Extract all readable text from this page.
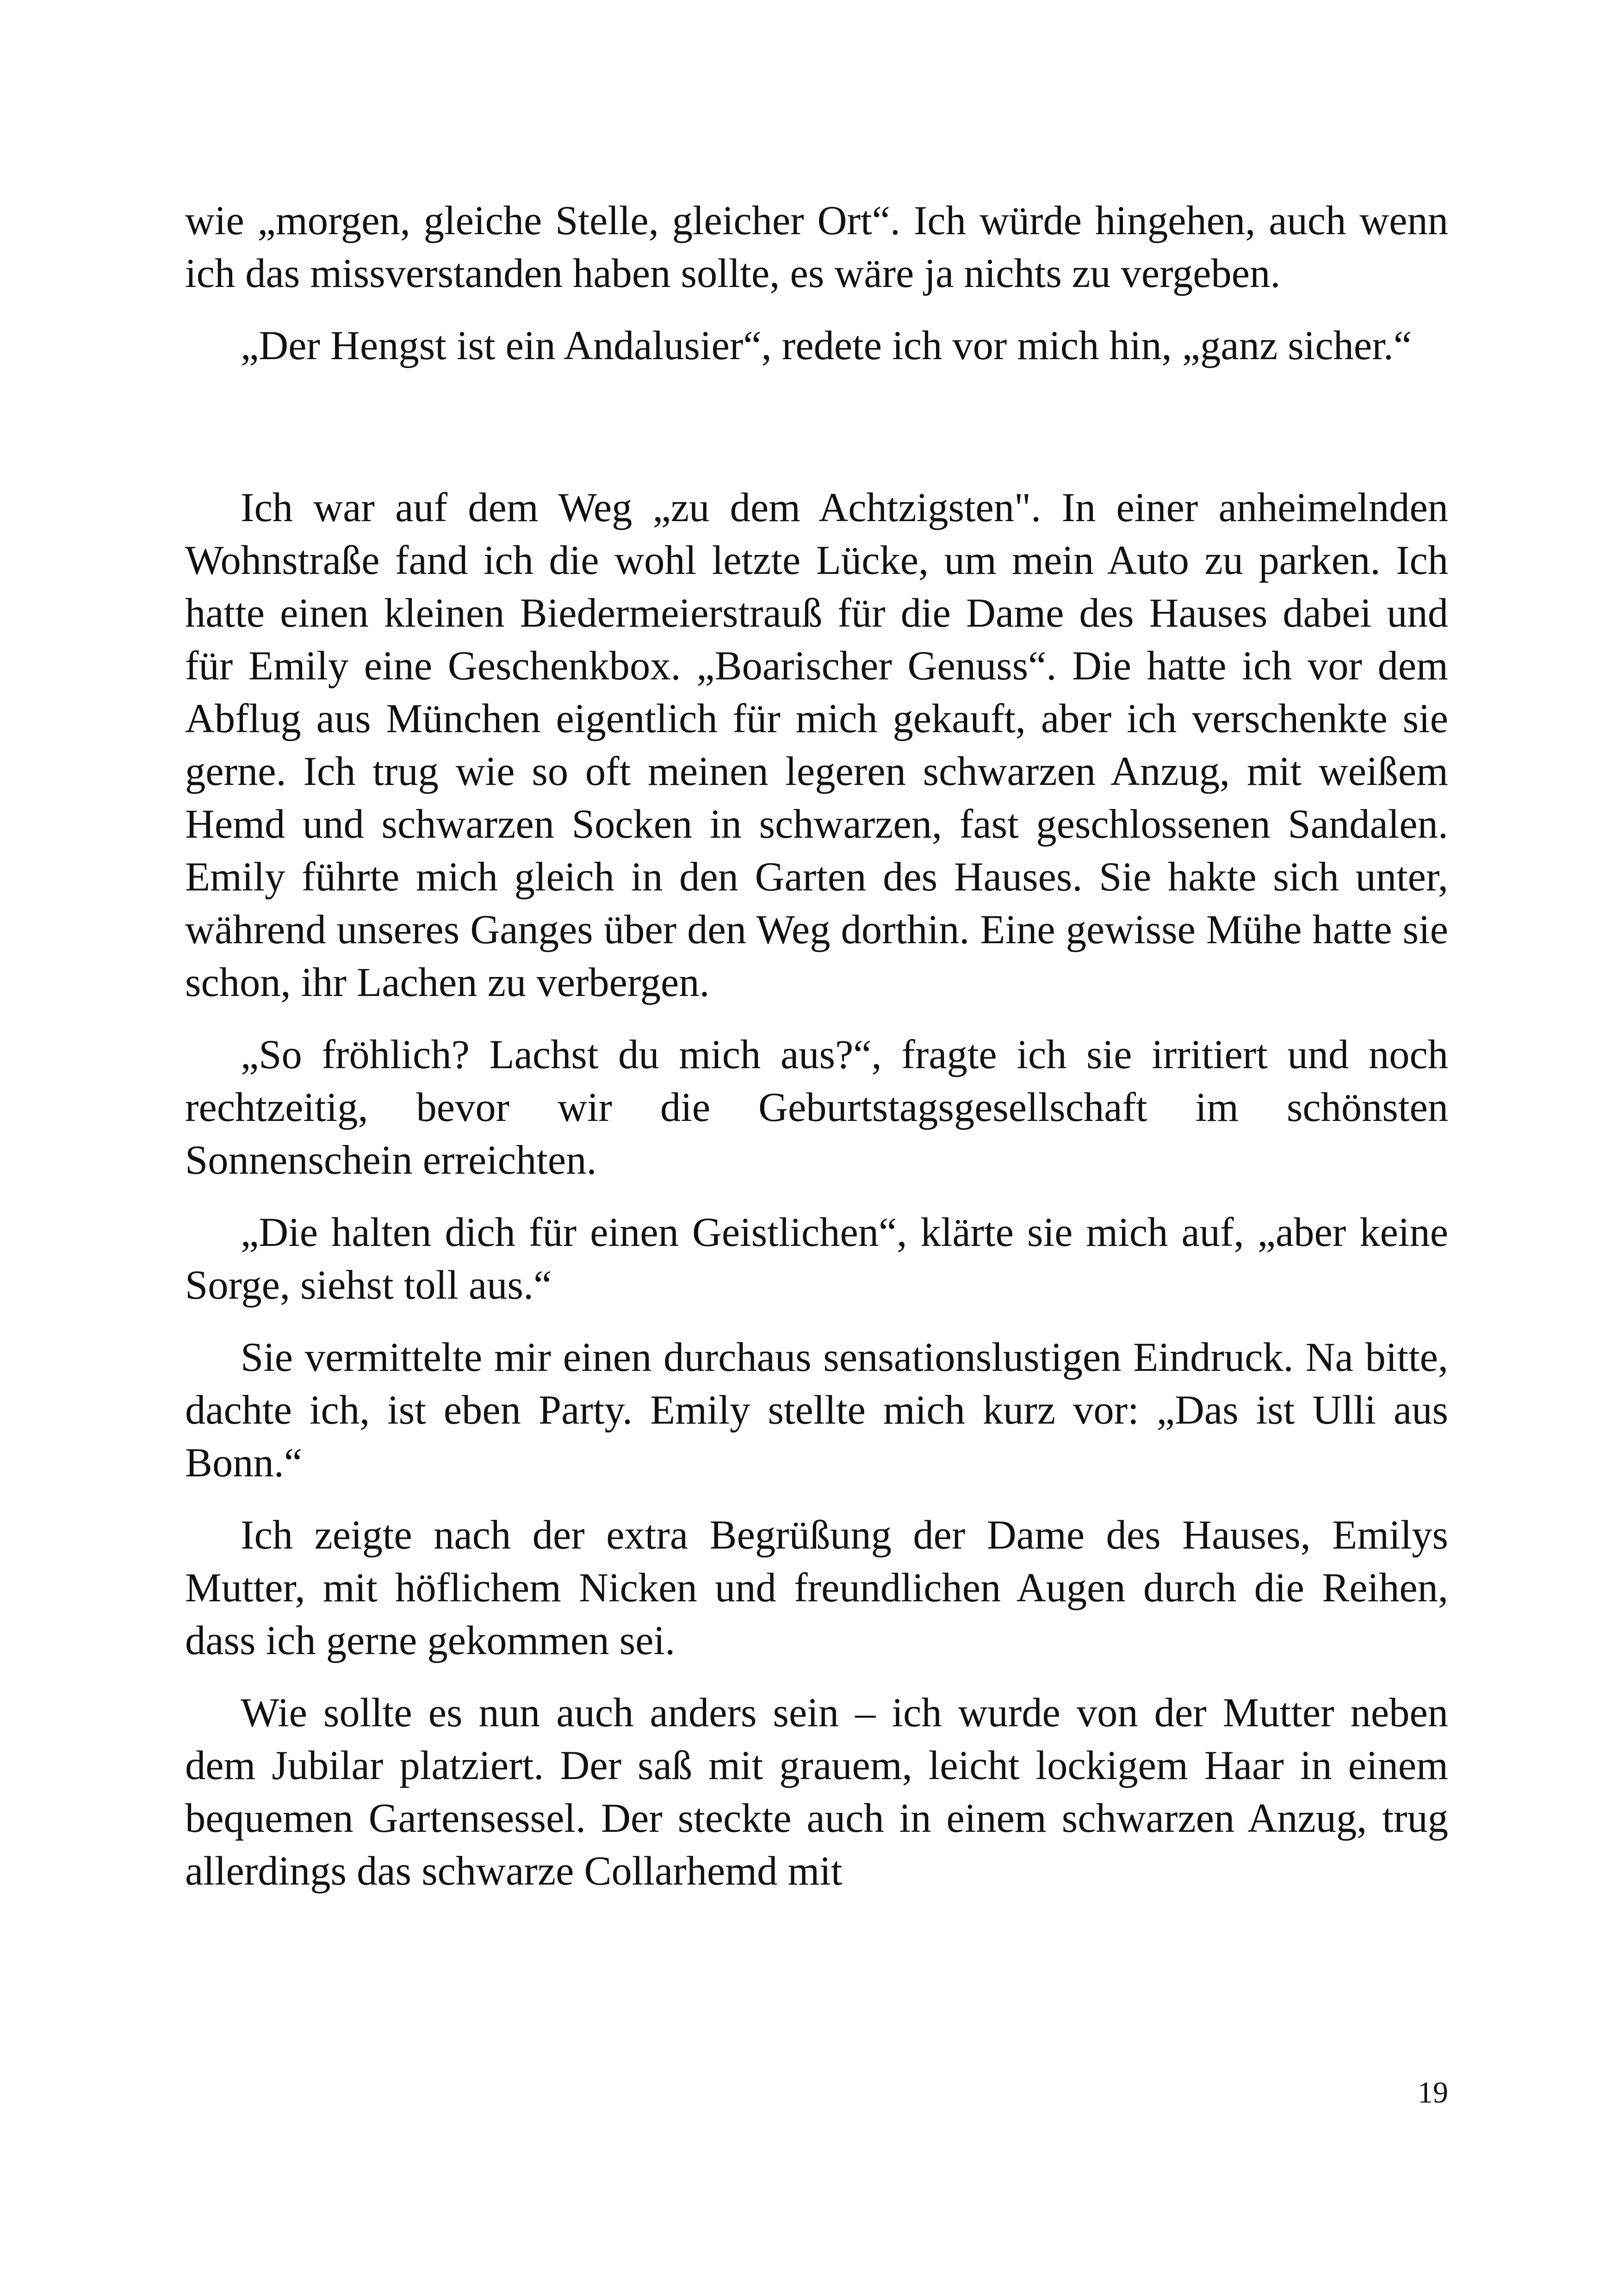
wie „morgen, gleiche Stelle, gleicher Ort“. Ich würde hingehen, auch wenn ich das missverstanden haben sollte, es wäre ja nichts zu vergeben.

„Der Hengst ist ein Andalusier“, redete ich vor mich hin, „ganz sicher.“

Ich war auf dem Weg „zu dem Achtzigsten". In einer anheimelnden Wohnstraße fand ich die wohl letzte Lücke, um mein Auto zu parken. Ich hatte einen kleinen Biedermeierstrauß für die Dame des Hauses dabei und für Emily eine Geschenkbox. „Boarischer Genuss“. Die hatte ich vor dem Abflug aus München eigentlich für mich gekauft, aber ich verschenkte sie gerne. Ich trug wie so oft meinen legeren schwarzen Anzug, mit weißem Hemd und schwarzen Socken in schwarzen, fast geschlossenen Sandalen. Emily führte mich gleich in den Garten des Hauses. Sie hakte sich unter, während unseres Ganges über den Weg dorthin. Eine gewisse Mühe hatte sie schon, ihr Lachen zu verbergen.

„So fröhlich? Lachst du mich aus?“, fragte ich sie irritiert und noch rechtzeitig, bevor wir die Geburtstagsgesellschaft im schönsten Sonnenschein erreichten.

„Die halten dich für einen Geistlichen“, klärte sie mich auf, „aber keine Sorge, siehst toll aus.“

Sie vermittelte mir einen durchaus sensationslustigen Eindruck. Na bitte, dachte ich, ist eben Party. Emily stellte mich kurz vor: „Das ist Ulli aus Bonn.“

Ich zeigte nach der extra Begrüßung der Dame des Hauses, Emilys Mutter, mit höflichem Nicken und freundlichen Augen durch die Reihen, dass ich gerne gekommen sei.

Wie sollte es nun auch anders sein – ich wurde von der Mutter neben dem Jubilar platziert. Der saß mit grauem, leicht lockigem Haar in einem bequemen Gartensessel. Der steckte auch in einem schwarzen Anzug, trug allerdings das schwarze Collarhemd mit

19
